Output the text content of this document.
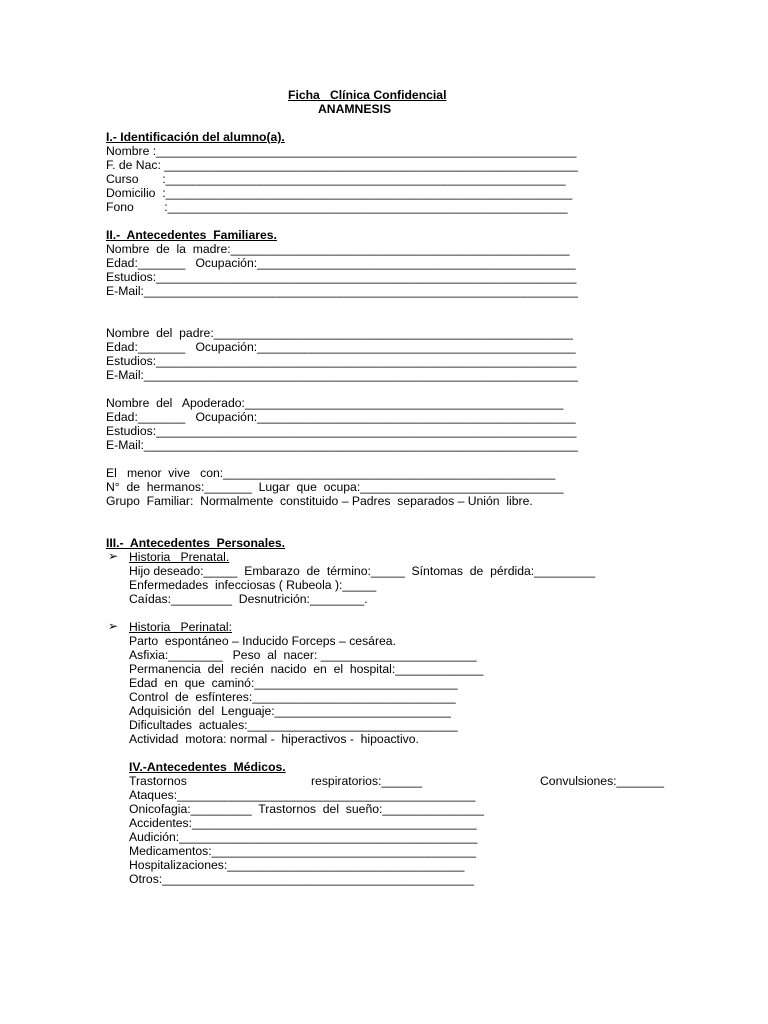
Ficha   Clínica Confidencial
ANAMNESIS
I.- Identificación del alumno(a).
Nombre :______________________________________________________________
F. de Nac: _____________________________________________________________
Curso       :___________________________________________________________
Domicilio  :____________________________________________________________
Fono         :___________________________________________________________
II.-  Antecedentes  Familiares.
Nombre  de  la  madre:__________________________________________________
Edad:_______   Ocupación:_______________________________________________
Estudios:______________________________________________________________
E-Mail:________________________________________________________________
Nombre  del  padre:_____________________________________________________
Edad:_______   Ocupación:_______________________________________________
Estudios:______________________________________________________________
E-Mail:________________________________________________________________
Nombre  del   Apoderado:_______________________________________________
Edad:_______   Ocupación:_______________________________________________
Estudios:______________________________________________________________
E-Mail:________________________________________________________________
El   menor  vive   con:_________________________________________________
N°  de  hermanos:_______  Lugar  que  ocupa:______________________________
Grupo  Familiar:  Normalmente  constituido – Padres  separados – Unión  libre.
III.-  Antecedentes  Personales.
➢ Historia   Prenatal.
Hijo deseado:_____  Embarazo  de  término:_____  Síntomas  de  pérdida:_________
Enfermedades  infecciosas ( Rubeola ):_____
Caídas:_________  Desnutrición:________.
➢ Historia   Perinatal:
Parto  espontáneo – Inducido Forceps – cesárea.
Asfixia:________   Peso  al  nacer: _______________________
Permanencia  del  recién  nacido  en  el  hospital:_____________
Edad  en  que  caminó:______________________________
Control  de  esfínteres:______________________________
Adquisición  del  Lenguaje:__________________________
Dificultades  actuales:_______________________________
Actividad  motora: normal -  hiperactivos -  hipoactivo.
IV.-Antecedentes  Médicos.
Trastornos	respiratorios:______	Convulsiones:_______
Ataques:____________________________________________
Onicofagia:_________  Trastornos  del  sueño:_______________
Accidentes:__________________________________________
Audición:____________________________________________
Medicamentos:_______________________________________
Hospitalizaciones:___________________________________
Otros:______________________________________________
